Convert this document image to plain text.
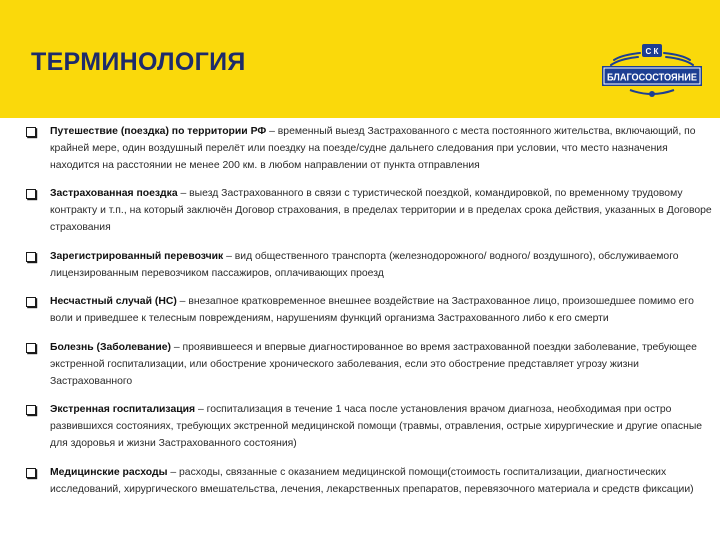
ТЕРМИНОЛОГИЯ	С К
БЛАГОСОСТОЯНИЕ
Путешествие (поездка) по территории РФ – временный выезд Застрахованного с места постоянного жительства, включающий, по крайней мере, один воздушный перелёт или поездку на поезде/судне дальнего следования при условии, что место назначения находится на расстоянии не менее 200 км. в любом направлении от пункта отправления
Застрахованная поездка – выезд Застрахованного в связи с туристической поездкой, командировкой, по временному трудовому контракту и т.п., на который заключён Договор страхования, в пределах территории и в пределах срока действия, указанных в Договоре страхования
Зарегистрированный перевозчик – вид общественного транспорта (железнодорожного/ водного/ воздушного), обслуживаемого лицензированным перевозчиком пассажиров, оплачивающих проезд
Несчастный случай (НС) – внезапное кратковременное внешнее воздействие на Застрахованное лицо, произошедшее помимо его воли и приведшее к телесным повреждениям, нарушениям функций организма Застрахованного либо к его смерти
Болезнь (Заболевание) – проявившееся и впервые диагностированное во время застрахованной поездки заболевание, требующее экстренной госпитализации, или обострение хронического заболевания, если это обострение представляет угрозу жизни Застрахованного
Экстренная госпитализация – госпитализация в течение 1 часа после установления врачом диагноза, необходимая при остро развившихся состояниях, требующих экстренной медицинской помощи (травмы, отравления, острые хирургические и другие опасные для здоровья и жизни Застрахованного состояния)
Медицинские расходы – расходы, связанные с оказанием медицинской помощи(стоимость госпитализации, диагностических исследований, хирургического вмешательства, лечения, лекарственных препаратов, перевязочного материала и средств фиксации)
